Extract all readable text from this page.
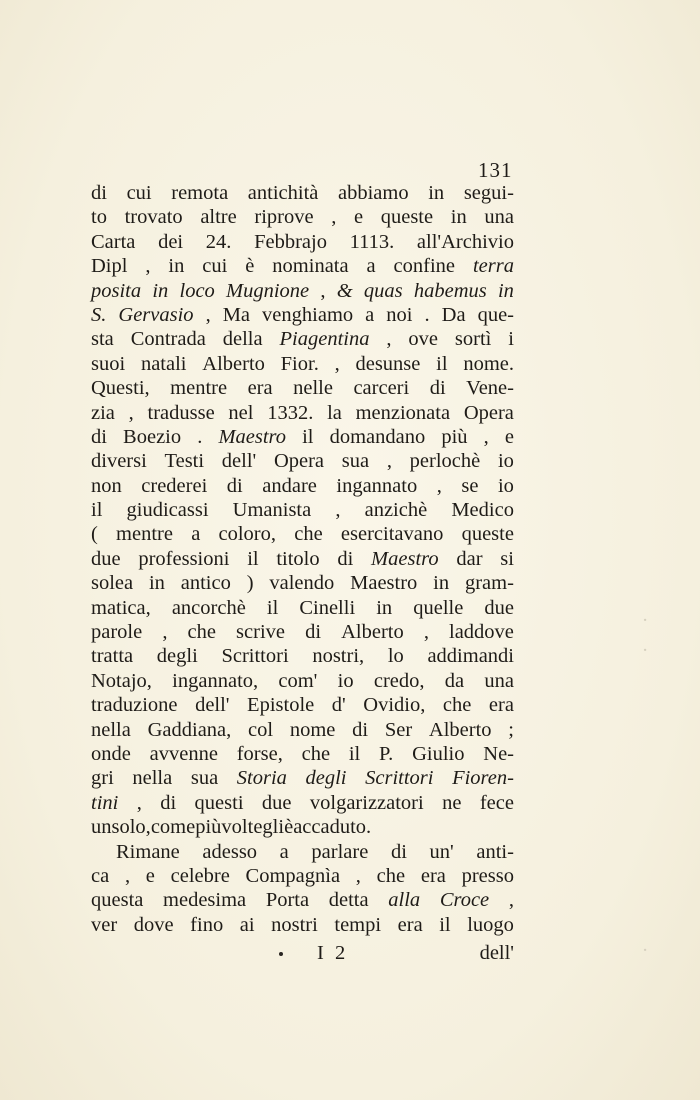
·
·
·
131
di cui remota antichità abbiamo in segui-
to trovato altre riprove , e queste in una
Carta dei 24. Febbrajo 1113. all'Archivio
Dipl , in cui è nominata a confine terra
posita in loco Mugnione , & quas habemus in
S. Gervasio , Ma venghiamo a noi . Da que-
sta Contrada della Piagentina , ove sortì i
suoi natali Alberto Fior. , desunse il nome.
Questi, mentre era nelle carceri di Vene-
zia , tradusse nel 1332. la menzionata Opera
di Boezio . Maestro il domandano più , e
diversi Testi dell' Opera sua , perlochè io
non crederei di andare ingannato , se io
il giudicassi Umanista , anzichè Medico
( mentre a coloro, che esercitavano queste
due professioni il titolo di Maestro dar si
solea in antico ) valendo Maestro in gram-
matica, ancorchè il Cinelli in quelle due
parole , che scrive di Alberto , laddove
tratta degli Scrittori nostri, lo addimandi
Notajo, ingannato, com' io credo, da una
traduzione dell' Epistole d' Ovidio, che era
nella Gaddiana, col nome di Ser Alberto ;
onde avvenne forse, che il P. Giulio Ne-
gri nella sua Storia degli Scrittori Fioren-
tini , di questi due volgarizzatori ne fece
un solo, come più volte gli è accaduto.
Rimane adesso a parlare di un' anti-
ca , e celebre Compagnìa , che era presso
questa medesima Porta detta alla Croce ,
ver dove fino ai nostri tempi era il luogo
I 2	dell'
